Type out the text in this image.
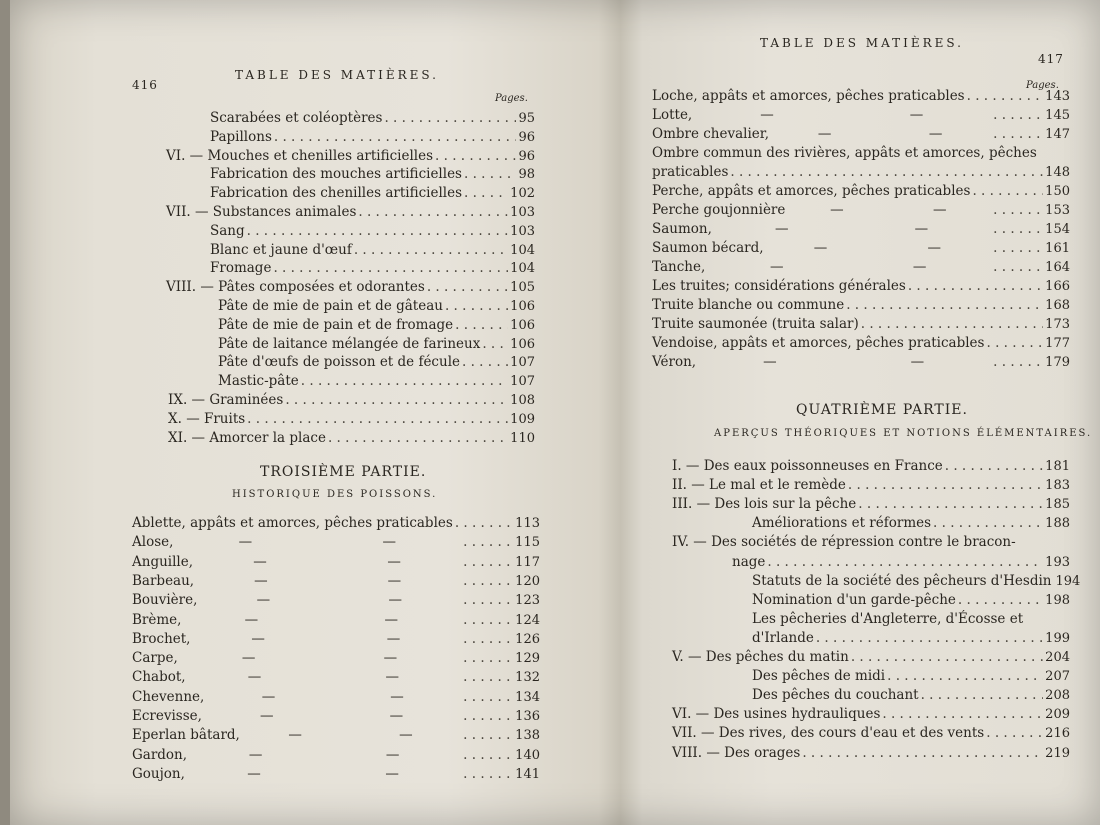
416
TABLE DES MATIÈRES.
Pages.
Scarabées et coléoptères . . .	95
Papillons . . .	96
VI. — Mouches et chenilles artificielles . . .	96
Fabrication des mouches artificielles . . .	98
Fabrication des chenilles artificielles . . .	102
VII. — Substances animales . . .	103
Sang . . .	103
Blanc et jaune d'œuf . . .	104
Fromage . . .	104
VIII. — Pâtes composées et odorantes . . .	105
Pâte de mie de pain et de gâteau . . .	106
Pâte de mie de pain et de fromage . . .	106
Pâte de laitance mélangée de farineux . . . 106
Pâte d'œufs de poisson et de fécule . . .	107
Mastic-pâte . . .	107
IX. — Graminées . . .	108
X. — Fruits . . .	109
XI. — Amorcer la place . . .	110
TROISIÈME PARTIE.
HISTORIQUE DES POISSONS.
Ablette, appâts et amorces, pêches praticables . . .	113
Alose,	—	— . . .	115
Anguille,	—	— . . .	117
Barbeau,	—	— . . .	120
Bouvière,	—	— . . .	123
Brème,	—	— . . .	124
Brochet,	—	— . . .	126
Carpe,	—	— . . .	129
Chabot,	—	— . . .	132
Chevenne,	—	— . . .	134
Ecrevisse,	—	— . . .	136
Eperlan bâtard,	—	— . . .	138
Gardon,	—	— . . .	140
Goujon,	—	— . . .	141
TABLE DES MATIÈRES.
417
Pages.
Loche, appâts et amorces, pêches praticables . . .	143
Lotte,	—	— . . .	145
Ombre chevalier,	—	— . . .	147
Ombre commun des rivières, appâts et amorces, pêches
praticables . . .	148
Perche, appâts et amorces, pêches praticables . . .	150
Perche goujonnière	—	— . . .	153
Saumon,	—	— . . .	154
Saumon bécard,	—	— . . .	161
Tanche,	—	— . . .	164
Les truites; considérations générales . . .	166
Truite blanche ou commune . . .	168
Truite saumonée (truita salar) . . .	173
Vendoise, appâts et amorces, pêches praticables . . .	177
Véron,	—	— . . .	179
QUATRIÈME PARTIE.
APERÇUS THÉORIQUES ET NOTIONS ÉLÉMENTAIRES.
I. — Des eaux poissonneuses en France . . .	181
II. — Le mal et le remède . . .	183
III. — Des lois sur la pêche . . .	185
Améliorations et réformes . . .	188
IV. — Des sociétés de répression contre le bracon-
nage . . .	193
Statuts de la société des pêcheurs d'Hesdin 194
Nomination d'un garde-pêche . . .	198
Les pêcheries d'Angleterre, d'Écosse et
d'Irlande . . .	199
V. — Des pêches du matin . . .	204
Des pêches de midi . . .	207
Des pêches du couchant . . .	208
VI. — Des usines hydrauliques . . .	209
VII. — Des rives, des cours d'eau et des vents . . .	216
VIII. — Des orages . . .	219
